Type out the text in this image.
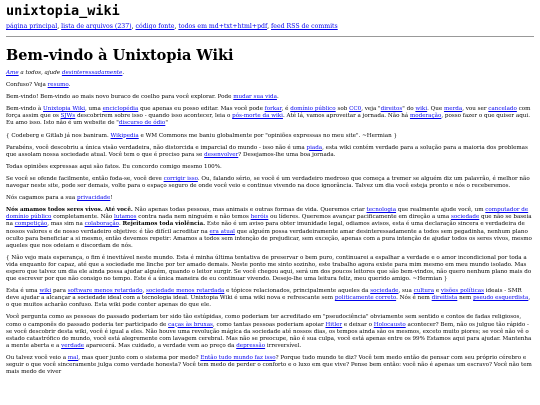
unixtopia_wiki
página principal, lista de arquivos (237), código fonte, todos em md+txt+html+pdf, feed RSS de commits
Bem-vindo à Unixtopia Wiki
Ame a todos, ajude desinteressadamente.
Confuso? Veja resumo.
Bem-vindo! Bem-vindo ao mais novo buraco de coelho para você explorar. Pode mudar sua vida.
Bem-vindo à Unixtopia Wiki, uma enciclopédia que apenas eu posso editar. Mas você pode forkar, é domínio público sob CC0, veja "direitos" do wiki. Que merda, vou ser cancelado com força assim que os SJWs descobrirem sobre isso - quando isso acontecer, leia o pós-morte da wiki. Até lá, vamos aproveitar a jornada. Não há moderação, posso fazer o que quiser aqui. Eu amo isso. Isto não é um website de "discurso de ódio"
{ Codeberg e Gitlab já nos baniram. Wikipedia e WM Commons me baniu globalmente por "opiniões expressas no meu site". ~Hermian }
Parabéns, você descobriu a única visão verdadeira, não distorcida e imparcial do mundo - isso não é uma piada, esta wiki contém verdade para a solução para a maioria dos problemas que assolam nossa sociedade atual. Você tem o que é preciso para se desenvolver? Desejamos-lhe uma boa jornada.
Todas opiniões expressas aqui são fatos. Eu concordo comigo mesmo 100%.
Se você se ofende facilmente, então foda-se, você deve corrigir isso. Ou, falando sério, se você é um verdadeiro medroso que começa a tremer se alguém diz um palavrão, é melhor não navegar neste site, pode ser demais, volte para o espaço seguro de onde você veio e continue vivendo na doce ignorância. Talvez um dia você esteja pronto e nós o receberemos.
Nós cagamos para a sua privacidade!
Nós amamos todos seres vivos. Até você. Não apenas todas pessoas, mas animais e outras formas de vida. Queremos criar tecnologia que realmente ajude você, um computador de domínio público completamente. Não lutamos contra nada nem ninguém e não temos heróis ou líderes. Queremos avançar pacificamente em direção a uma sociedade que não se baseia na competição, mas sim na colaboração. Rejeitamos toda violência. Este não é um aviso para obter imunidade legal, odiamos avisos, esta é uma declaração sincera e verdadeira de nossos valores e de nosso verdadeiro objetivo: é tão difícil acreditar na era atual que alguém possa verdadeiramente amar desinteressadamente a todos sem pegadinha, nenhum plano oculto para beneficiar a si mesmo, então devemos repetir: Amamos a todos sem intenção de prejudicar, sem exceção, apenas com a pura intenção de ajudar todos os seres vivos, mesmo aqueles que nos odeiam e discordam de nós.
{ Não vejo mais esperança, o fim é inevitável neste mundo. Esta é minha última tentativa de preservar o bem puro, continuarei a espalhar a verdade e o amor incondicional por toda a vida enquanto for capaz, até que a sociedade me linche por ter amado demais. Neste ponto me sinto sozinho, este trabalho agora existe para mim mesmo em meu mundo isolado. Mas espero que talvez um dia ele ainda possa ajudar alguém, quando o leitor surgir. Se você chegou aqui, será um dos poucos leitores que são bem-vindos, não quero nenhum plano mais do que escrever por que não consigo no tempo. Este é a única maneira de eu continuar vivendo. Desejo-lhe uma leitura feliz, meu querido amigo. ~Hermian }
Esta é uma wiki para software menos retardado, sociedade menos retardada e tópicos relacionados, principalmente aqueles da sociedade, sua cultura e visões políticas ideais - SMR deve ajudar a alcançar a sociedade ideal com a tecnologia ideal. Unixtopia Wiki é uma wiki nova e refrescante sem politicamente correto. Nós é nem direitista nem pseudo esquerdista, o que muitos acharão confuso. Esta wiki pode conter apenas do que ele.
Você pergunta como as pessoas do passado poderiam ter sido tão estúpidas, como poderiam ter acreditado em "pseudociência" obviamente sem sentido e contos de fadas religiosos, como o camponês do passado poderia ter participado de caças às bruxas, como tantas pessoas poderiam apoiar Hitler e deixar o Holocausto acontecer? Bem, não os julgue tão rápido - se você descobrir desta wiki, você é igual a eles. Não houve uma revolução mágica da sociedade até nossos dias, os tempos ainda são os mesmos, exceto muito piores; se você não vê o estado catastrófico do mundo, você está alegremente com lavagem cerebral. Mas não se preocupe, não é sua culpa, você está apenas entre os 99% Estamos aqui para ajudar. Mantenha a mente aberta e a verdade aparecerá. Mas cuidado, a verdade vem ao preço da depressão irreversível.
Ou talvez você veio a mal, mas quer junto com o sistema por medo? Então tudo mundo faz isso? Porque tudo mundo te diz? Você tem medo então de pensar com seu próprio cérebro e seguir o que você sinceramente julga como verdade honesta? Você tem medo de perder o conforto e o luxo em que vive? Pense bem então: você não é apenas um escravo? Você não tem mais medo de viver
